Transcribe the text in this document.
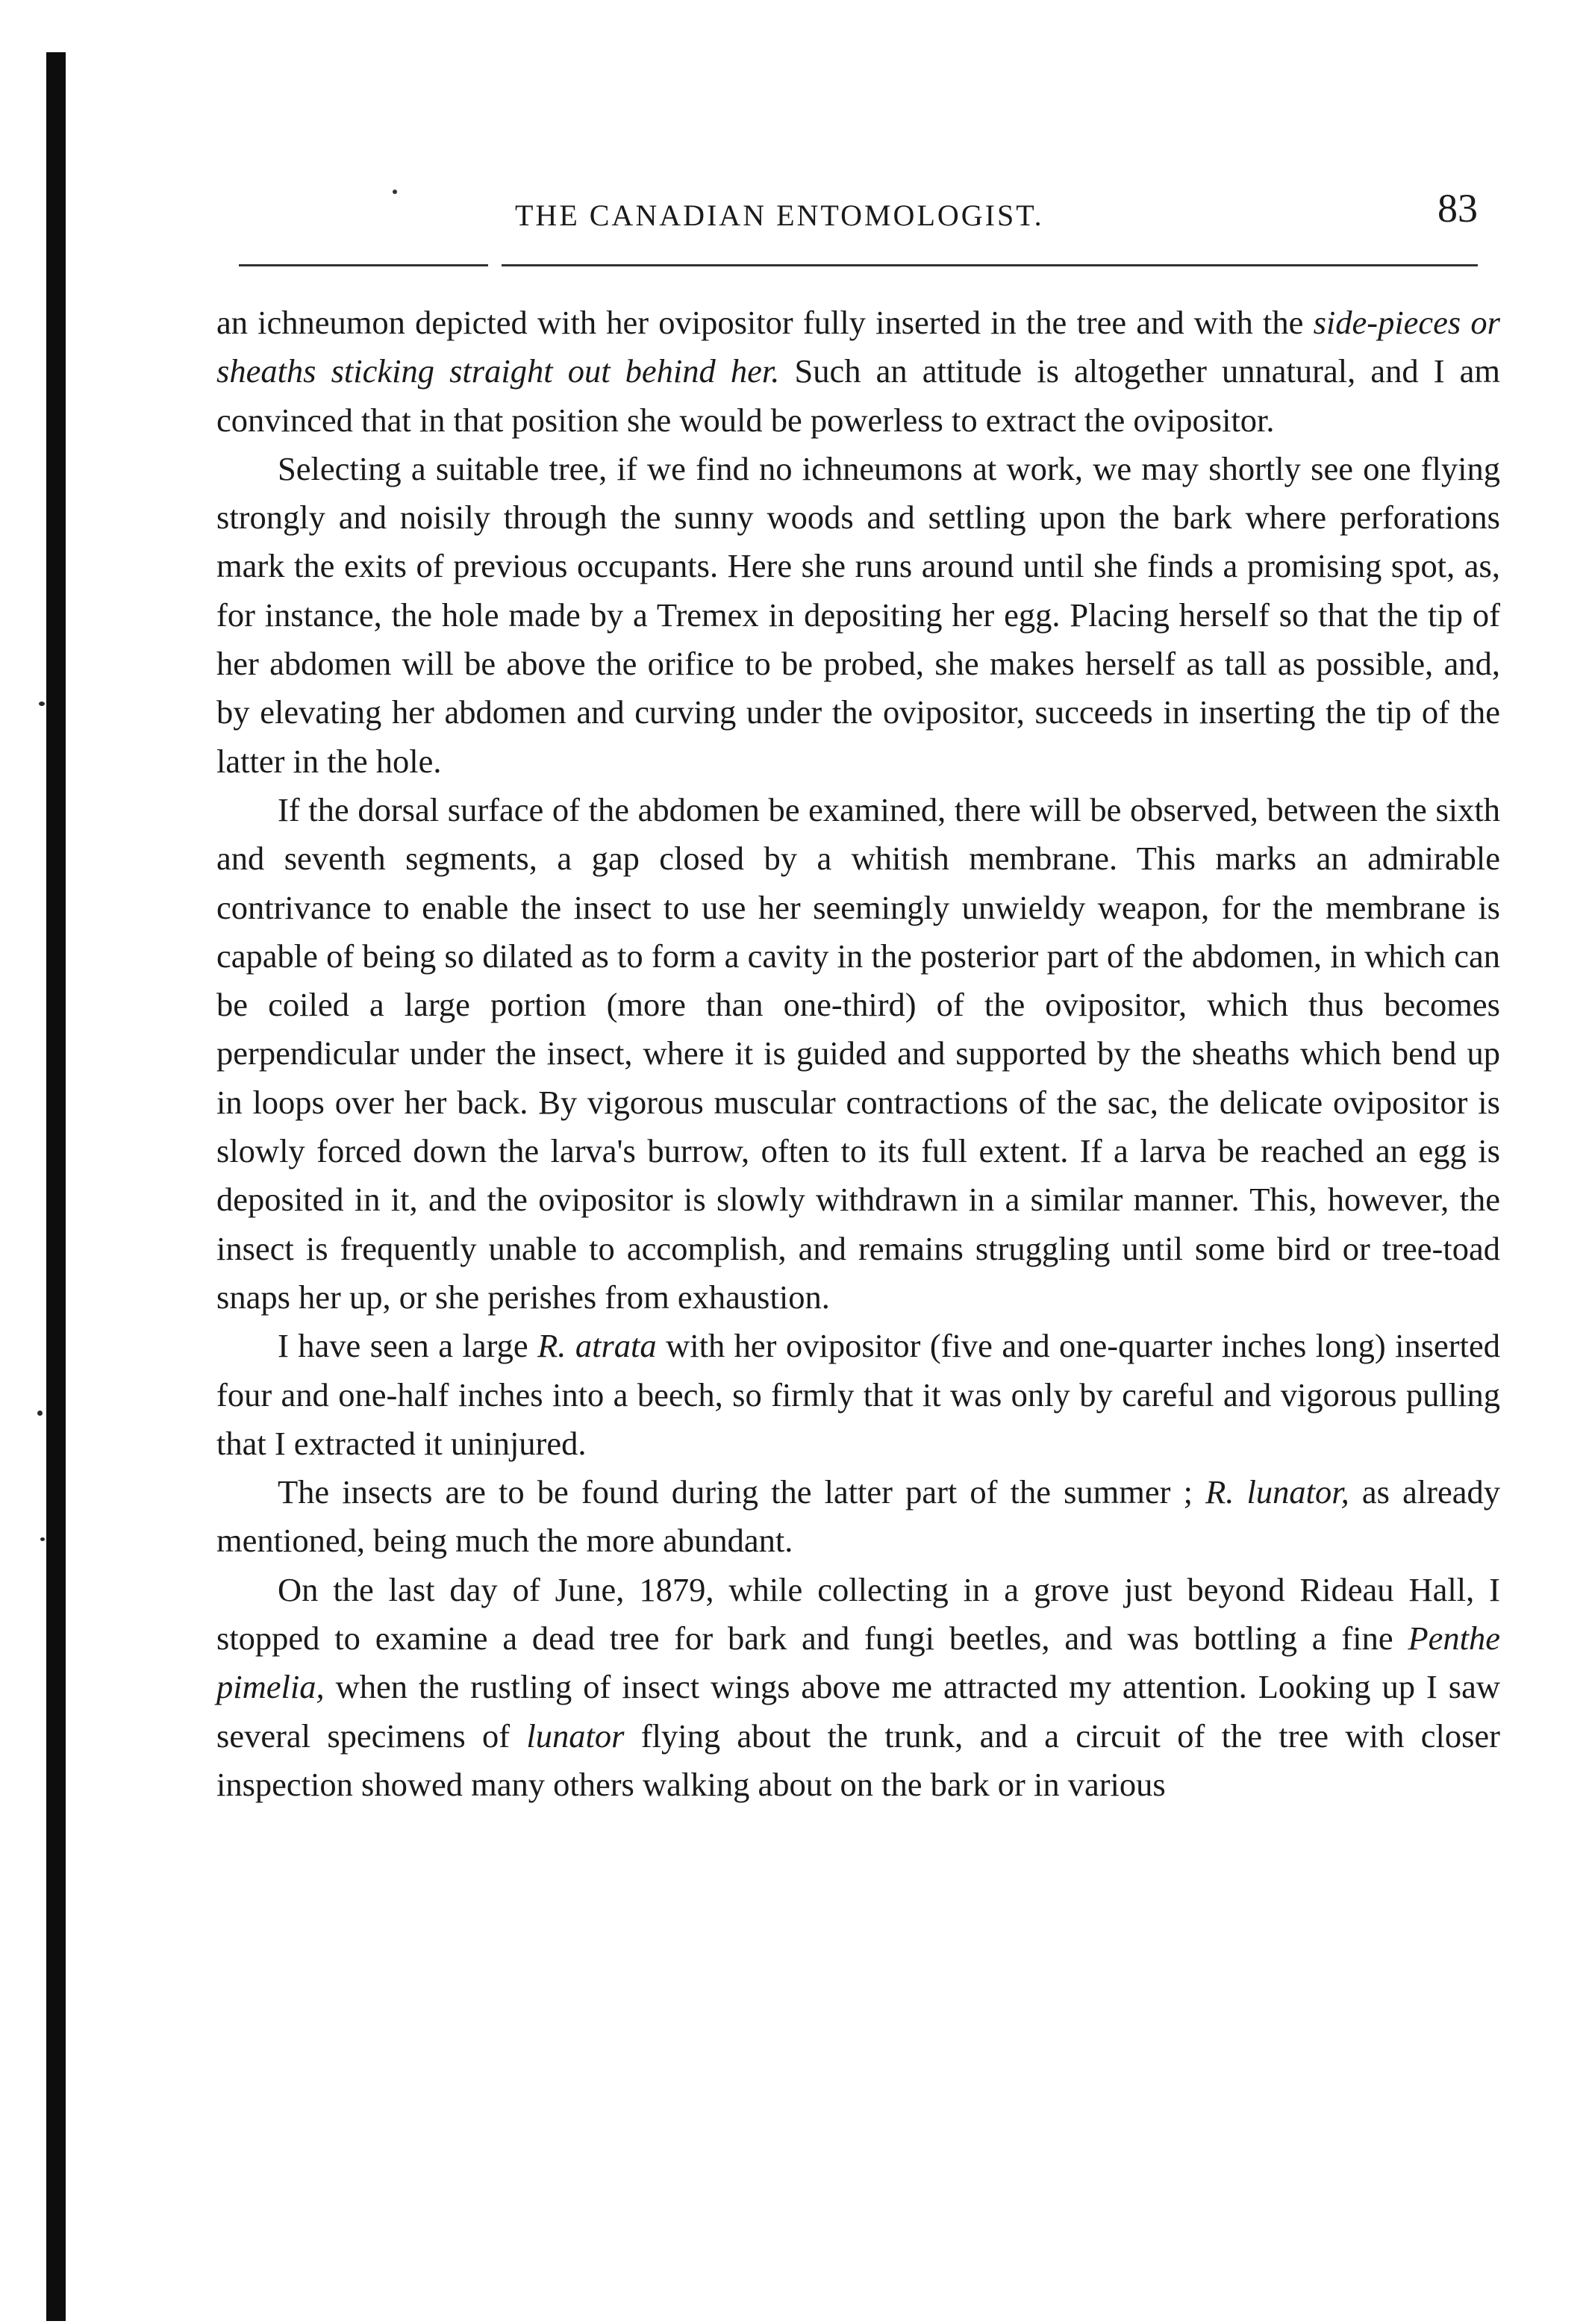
THE CANADIAN ENTOMOLOGIST.	83

an ichneumon depicted with her ovipositor fully inserted in the tree and with the side-pieces or sheaths sticking straight out behind her. Such an attitude is altogether unnatural, and I am convinced that in that position she would be powerless to extract the ovipositor.

Selecting a suitable tree, if we find no ichneumons at work, we may shortly see one flying strongly and noisily through the sunny woods and settling upon the bark where perforations mark the exits of previous occupants. Here she runs around until she finds a promising spot, as, for instance, the hole made by a Tremex in depositing her egg. Placing herself so that the tip of her abdomen will be above the orifice to be probed, she makes herself as tall as possible, and, by elevating her abdomen and curving under the ovipositor, succeeds in inserting the tip of the latter in the hole.

If the dorsal surface of the abdomen be examined, there will be observed, between the sixth and seventh segments, a gap closed by a whitish membrane. This marks an admirable contrivance to enable the insect to use her seemingly unwieldy weapon, for the membrane is capable of being so dilated as to form a cavity in the posterior part of the abdomen, in which can be coiled a large portion (more than one-third) of the ovipositor, which thus becomes perpendicular under the insect, where it is guided and supported by the sheaths which bend up in loops over her back. By vigorous muscular contractions of the sac, the delicate ovipositor is slowly forced down the larva's burrow, often to its full extent. If a larva be reached an egg is deposited in it, and the ovipositor is slowly withdrawn in a similar manner. This, however, the insect is frequently unable to accomplish, and remains struggling until some bird or tree-toad snaps her up, or she perishes from exhaustion.

I have seen a large R. atrata with her ovipositor (five and one-quarter inches long) inserted four and one-half inches into a beech, so firmly that it was only by careful and vigorous pulling that I extracted it uninjured.

The insects are to be found during the latter part of the summer ; R. lunator, as already mentioned, being much the more abundant.

On the last day of June, 1879, while collecting in a grove just beyond Rideau Hall, I stopped to examine a dead tree for bark and fungi beetles, and was bottling a fine Penthe pimelia, when the rustling of insect wings above me attracted my attention. Looking up I saw several specimens of lunator flying about the trunk, and a circuit of the tree with closer inspection showed many others walking about on the bark or in various
